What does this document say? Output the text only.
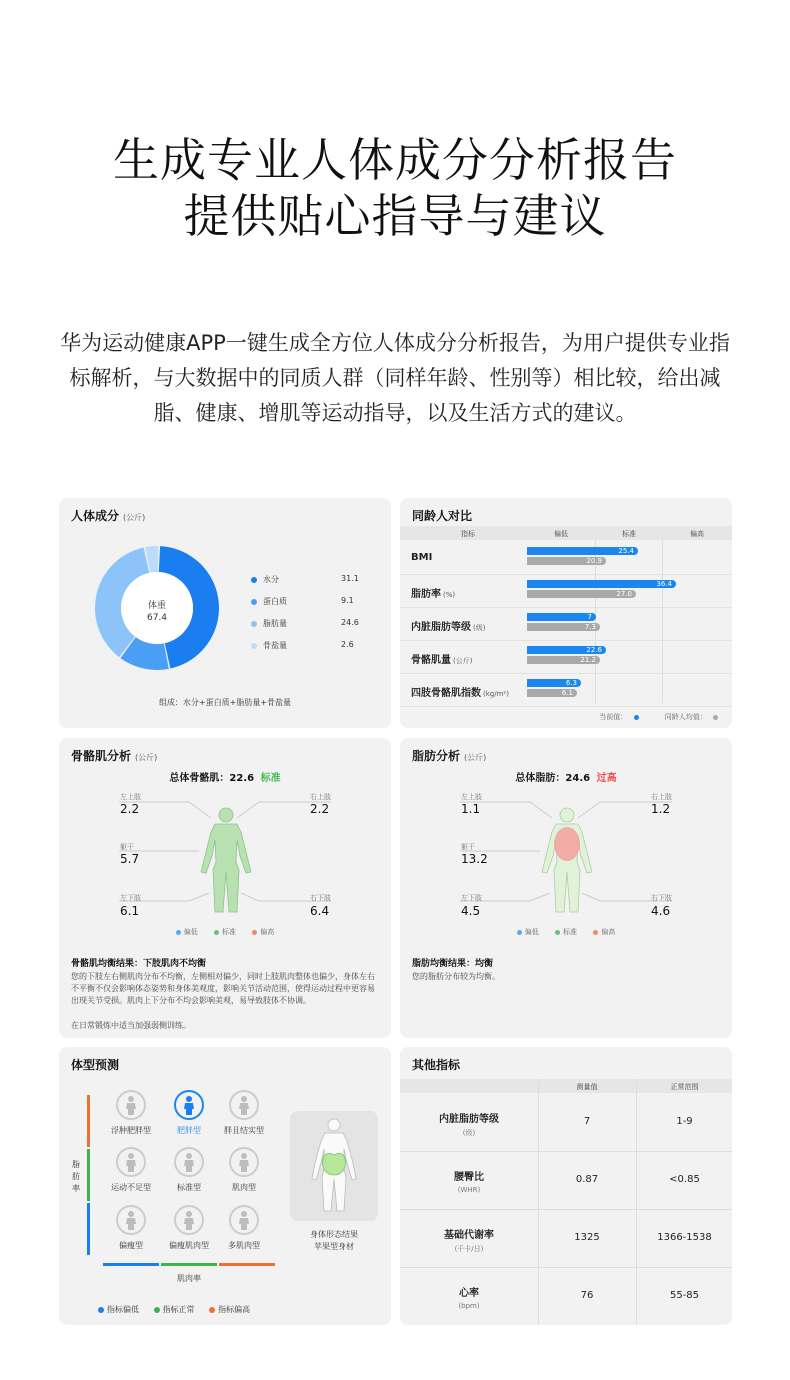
生成专业人体成分分析报告
提供贴心指导与建议
华为运动健康APP一键生成全方位人体成分分析报告，为用户提供专业指标解析，与大数据中的同质人群（同样年龄、性别等）相比较，给出减脂、健康、增肌等运动指导，以及生活方式的建议。
人体成分 (公斤)
体重
67.4
水分	31.1
蛋白质	9.1
脂肪量	24.6
骨盐量	2.6
组成：水分+蛋白质+脂肪量+骨盐量
同龄人对比
指标	偏低	标准	偏高
BMI
25.4
20.9
脂肪率 (%)
36.4
27.0
内脏脂肪等级 (级)
7
7.3
骨骼肌量 (公斤)
22.6
21.2
四肢骨骼肌指数 (kg/m²)
6.3
6.1
当前值：	同龄人均值：
骨骼肌分析 (公斤)
总体骨骼肌：22.6 标准
左上肢
2.2
右上肢
2.2
躯干
5.7
左下肢
6.1
右下肢
6.4
偏低	标准	偏高
骨骼肌均衡结果：下肢肌肉不均衡
您的下肢左右侧肌肉分布不均衡，左侧相对偏少，同时上肢肌肉整体也偏少，身体左右不平衡不仅会影响体态姿势和身体美观度，影响关节活动范围，使得运动过程中更容易出现关节受损。肌肉上下分布不均会影响美观，易导致肢体不协调。
在日常锻炼中适当加强弱侧训练。
脂肪分析 (公斤)
总体脂肪：24.6 过高
左上肢
1.1
右上肢
1.2
躯干
13.2
左下肢
4.5
右下肢
4.6
偏低	标准	偏高
脂肪均衡结果：均衡
您的脂肪分布较为均衡。
体型预测
脂肪率
肌肉率
身体形态结果
苹果型身材
指标偏低	指标正常	指标偏高
浮肿肥胖型	肥胖型	胖且结实型
运动不足型	标准型	肌肉型
偏瘦型	偏瘦肌肉型	多肌肉型
其他指标
测量值	正常范围
内脏脂肪等级
(级)
7	1-9
腰臀比
(WHR)
0.87	<0.85
基础代谢率
(千卡/日)
1325	1366-1538
心率
(bpm)
76	55-85
